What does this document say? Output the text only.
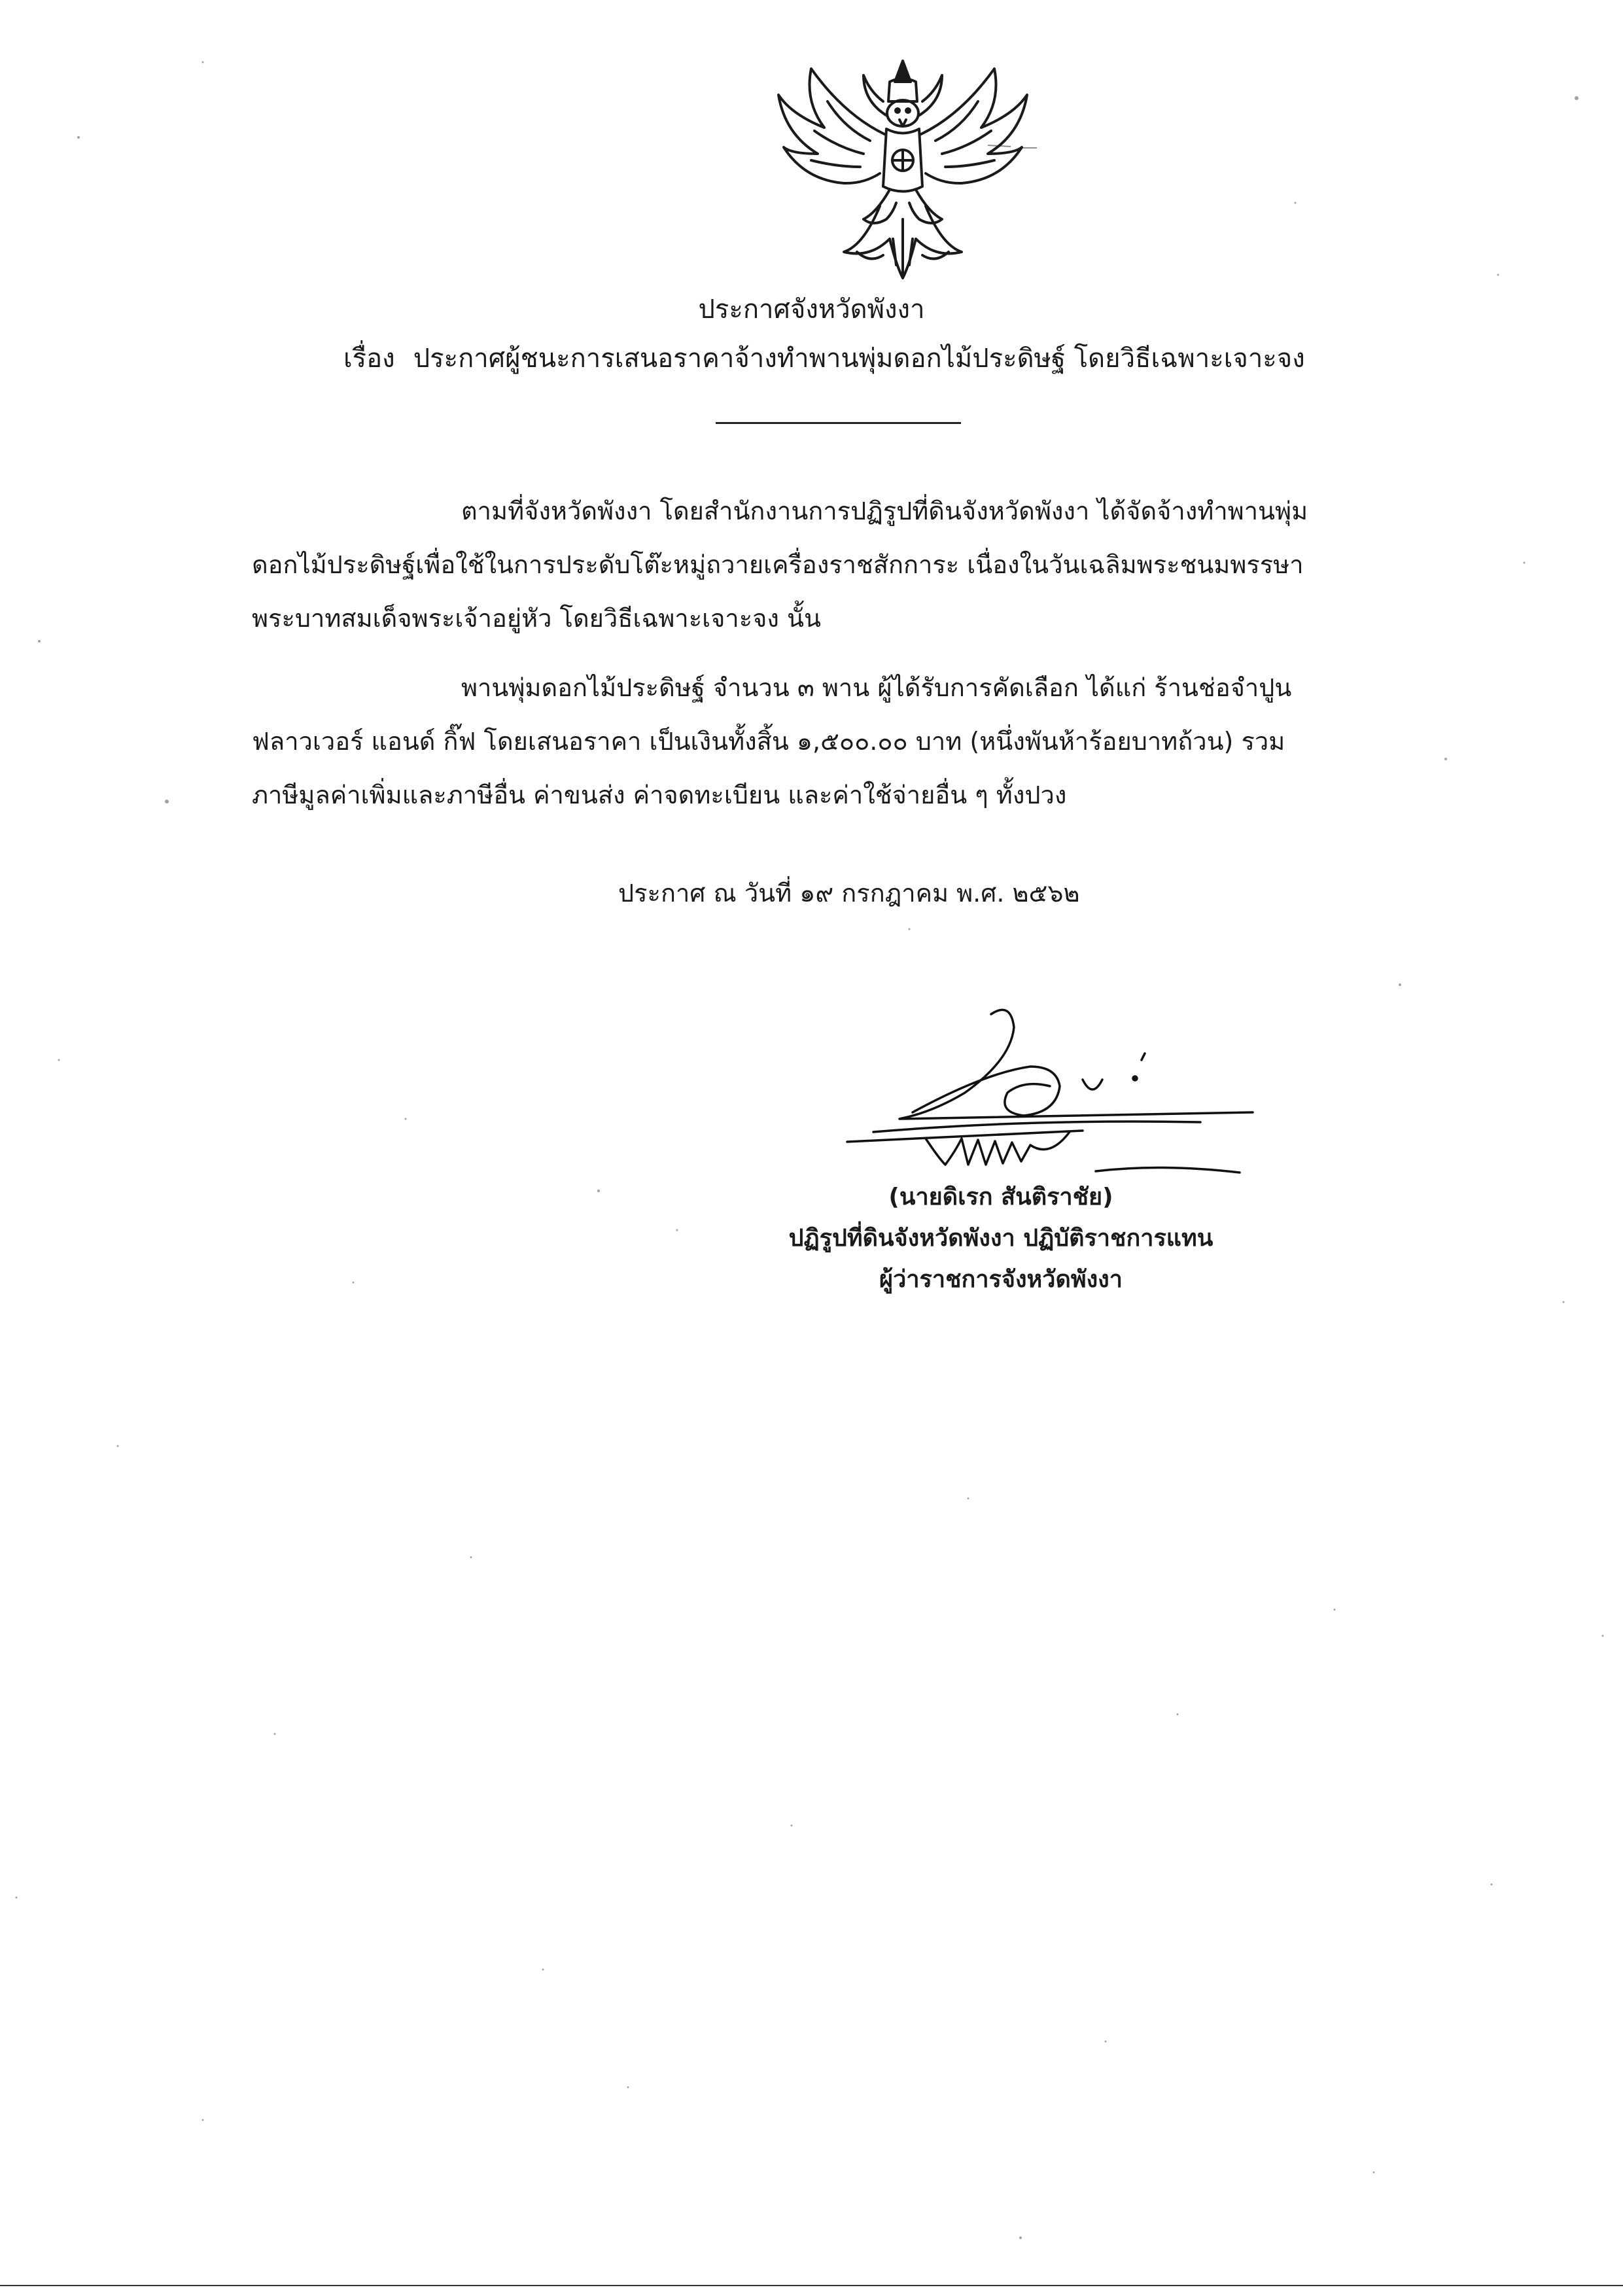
ประกาศจังหวัดพังงา
เรื่อง ประกาศผู้ชนะการเสนอราคาจ้างทำพานพุ่มดอกไม้ประดิษฐ์ โดยวิธีเฉพาะเจาะจง
ตามที่จังหวัดพังงา โดยสำนักงานการปฏิรูปที่ดินจังหวัดพังงา ได้จัดจ้างทำพานพุ่ม
ดอกไม้ประดิษฐ์เพื่อใช้ในการประดับโต๊ะหมู่ถวายเครื่องราชสักการะ เนื่องในวันเฉลิมพระชนมพรรษา
พระบาทสมเด็จพระเจ้าอยู่หัว โดยวิธีเฉพาะเจาะจง นั้น
พานพุ่มดอกไม้ประดิษฐ์ จำนวน ๓ พาน ผู้ได้รับการคัดเลือก ได้แก่ ร้านช่อจำปูน
ฟลาวเวอร์ แอนด์ กิ๊ฟ โดยเสนอราคา เป็นเงินทั้งสิ้น ๑,๕๐๐.๐๐ บาท (หนึ่งพันห้าร้อยบาทถ้วน) รวม
ภาษีมูลค่าเพิ่มและภาษีอื่น ค่าขนส่ง ค่าจดทะเบียน และค่าใช้จ่ายอื่น ๆ ทั้งปวง
ประกาศ ณ วันที่ ๑๙ กรกฎาคม พ.ศ. ๒๕๖๒
(นายดิเรก สันติราชัย)
ปฏิรูปที่ดินจังหวัดพังงา ปฏิบัติราชการแทน
ผู้ว่าราชการจังหวัดพังงา
